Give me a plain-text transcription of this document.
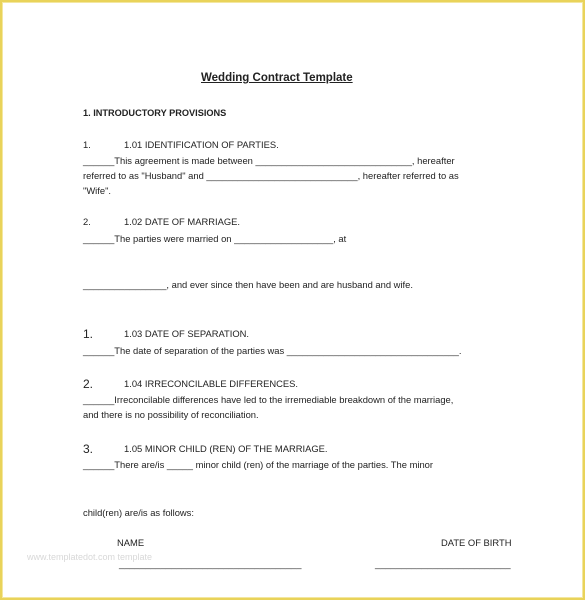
Wedding Contract Template
1. INTRODUCTORY PROVISIONS
1.	1.01 IDENTIFICATION OF PARTIES.
______This agreement is made between ______________________________, hereafter
referred to as "Husband" and _____________________________, hereafter referred to as
"Wife".
2.	1.02 DATE OF MARRIAGE.
______The parties were married on ___________________, at
________________, and ever since then have been and are husband and wife.
1.	1.03 DATE OF SEPARATION.
______The date of separation of the parties was _________________________________.
2.	1.04 IRRECONCILABLE DIFFERENCES.
______Irreconcilable differences have led to the irremediable breakdown of the marriage,
and there is no possibility of reconciliation.
3.	1.05 MINOR CHILD (REN) OF THE MARRIAGE.
______There are/is _____ minor child (ren) of the marriage of the parties. The minor
child(ren) are/is as follows:
NAME	DATE OF BIRTH
www.templatedot.com template
___________________________________	__________________________
